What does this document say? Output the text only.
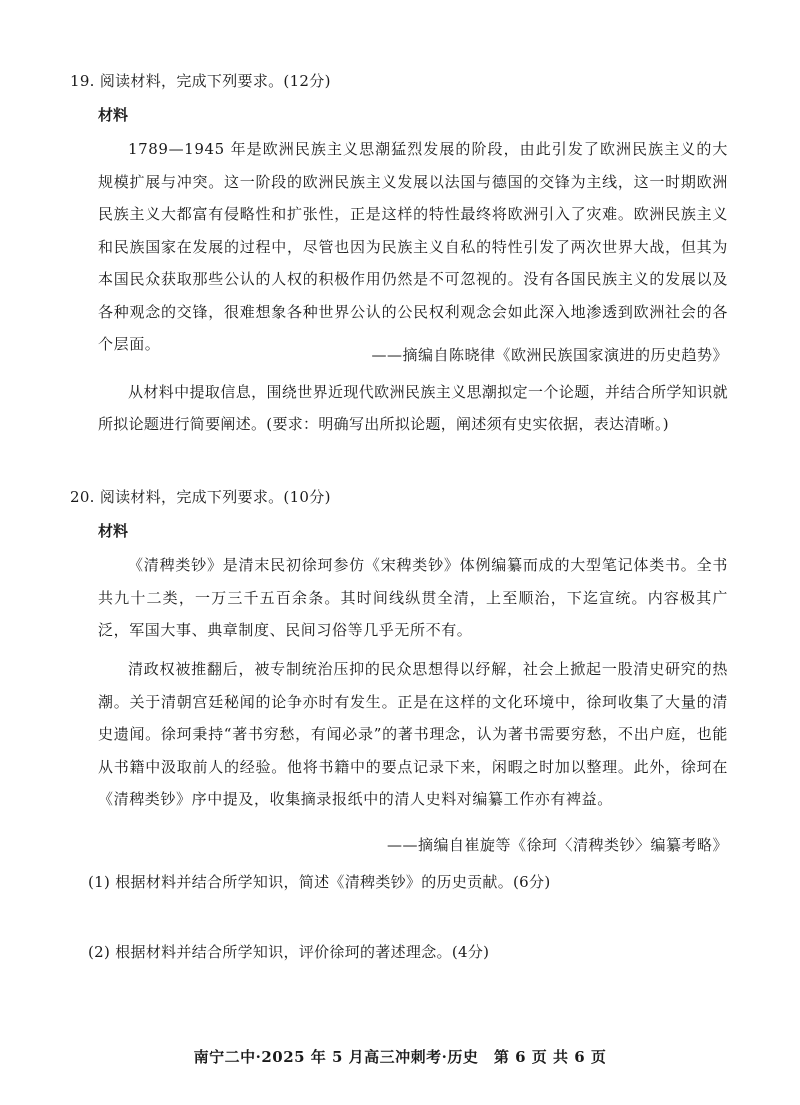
19. 阅读材料，完成下列要求。(12分)
材料
1789—1945 年是欧洲民族主义思潮猛烈发展的阶段，由此引发了欧洲民族主义的大规模扩展与冲突。这一阶段的欧洲民族主义发展以法国与德国的交锋为主线，这一时期欧洲民族主义大都富有侵略性和扩张性，正是这样的特性最终将欧洲引入了灾难。欧洲民族主义和民族国家在发展的过程中，尽管也因为民族主义自私的特性引发了两次世界大战，但其为本国民众获取那些公认的人权的积极作用仍然是不可忽视的。没有各国民族主义的发展以及各种观念的交锋，很难想象各种世界公认的公民权利观念会如此深入地渗透到欧洲社会的各个层面。
——摘编自陈晓律《欧洲民族国家演进的历史趋势》
从材料中提取信息，围绕世界近现代欧洲民族主义思潮拟定一个论题，并结合所学知识就所拟论题进行简要阐述。(要求：明确写出所拟论题，阐述须有史实依据，表达清晰。)
20. 阅读材料，完成下列要求。(10分)
材料
《清稗类钞》是清末民初徐珂参仿《宋稗类钞》体例编纂而成的大型笔记体类书。全书共九十二类，一万三千五百余条。其时间线纵贯全清，上至顺治，下迄宣统。内容极其广泛，军国大事、典章制度、民间习俗等几乎无所不有。
清政权被推翻后，被专制统治压抑的民众思想得以纾解，社会上掀起一股清史研究的热潮。关于清朝宫廷秘闻的论争亦时有发生。正是在这样的文化环境中，徐珂收集了大量的清史遗闻。徐珂秉持“著书穷愁，有闻必录”的著书理念，认为著书需要穷愁，不出户庭，也能从书籍中汲取前人的经验。他将书籍中的要点记录下来，闲暇之时加以整理。此外，徐珂在《清稗类钞》序中提及，收集摘录报纸中的清人史料对编纂工作亦有裨益。
——摘编自崔旋等《徐珂〈清稗类钞〉编纂考略》
(1) 根据材料并结合所学知识，简述《清稗类钞》的历史贡献。(6分)
(2) 根据材料并结合所学知识，评价徐珂的著述理念。(4分)
南宁二中·2025 年 5 月高三冲刺考·历史　第 6 页 共 6 页
